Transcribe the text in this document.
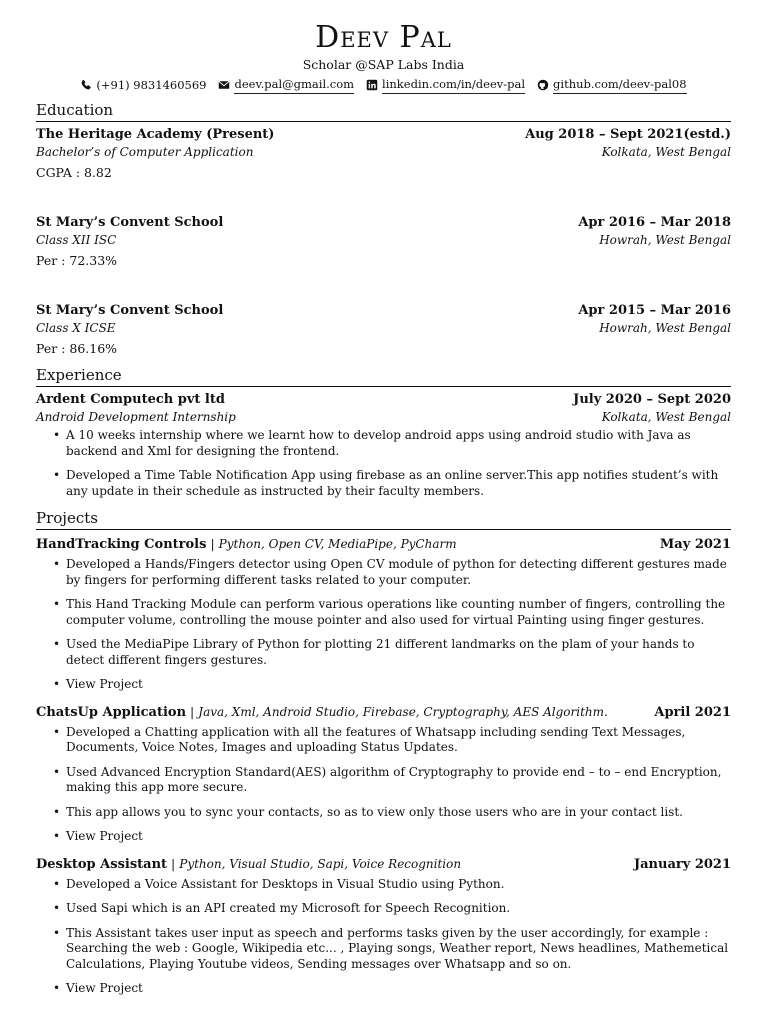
Deev Pal
Scholar @SAP Labs India
(+91) 9831460569 deev.pal@gmail.com linkedin.com/in/deev-pal github.com/deev-pal08
Education
The Heritage Academy (Present)	Aug 2018 – Sept 2021(estd.)
Bachelor’s of Computer Application	Kolkata, West Bengal
CGPA : 8.82
St Mary’s Convent School	Apr 2016 – Mar 2018
Class XII ISC	Howrah, West Bengal
Per : 72.33%
St Mary’s Convent School	Apr 2015 – Mar 2016
Class X ICSE	Howrah, West Bengal
Per : 86.16%
Experience
Ardent Computech pvt ltd	July 2020 – Sept 2020
Android Development Internship	Kolkata, West Bengal
• A 10 weeks internship where we learnt how to develop android apps using android studio with Java as backend and Xml for designing the frontend.
• Developed a Time Table Notification App using firebase as an online server.This app notifies student’s with any update in their schedule as instructed by their faculty members.
Projects
HandTracking Controls | Python, Open CV, MediaPipe, PyCharm	May 2021
• Developed a Hands/Fingers detector using Open CV module of python for detecting different gestures made by fingers for performing different tasks related to your computer.
• This Hand Tracking Module can perform various operations like counting number of fingers, controlling the computer volume, controlling the mouse pointer and also used for virtual Painting using finger gestures.
• Used the MediaPipe Library of Python for plotting 21 different landmarks on the plam of your hands to detect different fingers gestures.
• View Project
ChatsUp Application | Java, Xml, Android Studio, Firebase, Cryptography, AES Algorithm.	April 2021
• Developed a Chatting application with all the features of Whatsapp including sending Text Messages, Documents, Voice Notes, Images and uploading Status Updates.
• Used Advanced Encryption Standard(AES) algorithm of Cryptography to provide end – to – end Encryption, making this app more secure.
• This app allows you to sync your contacts, so as to view only those users who are in your contact list.
• View Project
Desktop Assistant | Python, Visual Studio, Sapi, Voice Recognition	January 2021
• Developed a Voice Assistant for Desktops in Visual Studio using Python.
• Used Sapi which is an API created my Microsoft for Speech Recognition.
• This Assistant takes user input as speech and performs tasks given by the user accordingly, for example : Searching the web : Google, Wikipedia etc... , Playing songs, Weather report, News headlines, Mathemetical Calculations, Playing Youtube videos, Sending messages over Whatsapp and so on.
• View Project
